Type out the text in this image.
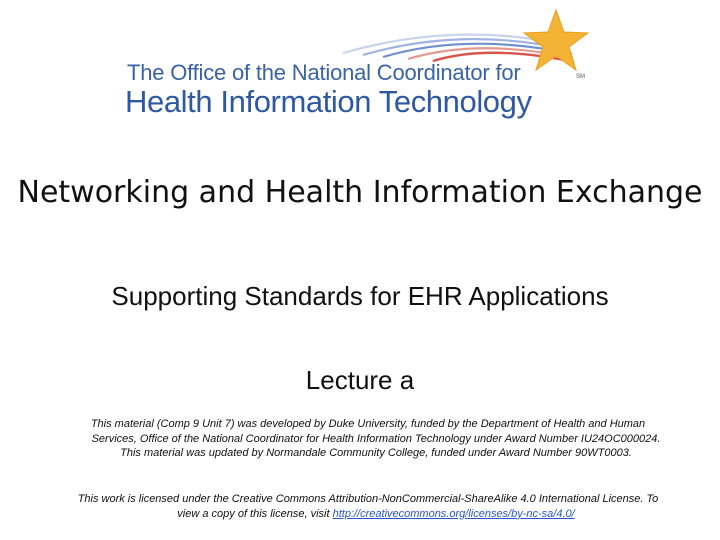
The Office of the National Coordinator for
Health Information Technology
SM
Networking and Health Information Exchange
Supporting Standards for EHR Applications
Lecture a
This material (Comp 9 Unit 7) was developed by Duke University, funded by the Department of Health and Human Services, Office of the National Coordinator for Health Information Technology under Award Number IU24OC000024. This material was updated by Normandale Community College, funded under Award Number 90WT0003.
This work is licensed under the Creative Commons Attribution-NonCommercial-ShareAlike 4.0 International License. To view a copy of this license, visit http://creativecommons.org/licenses/by-nc-sa/4.0/
